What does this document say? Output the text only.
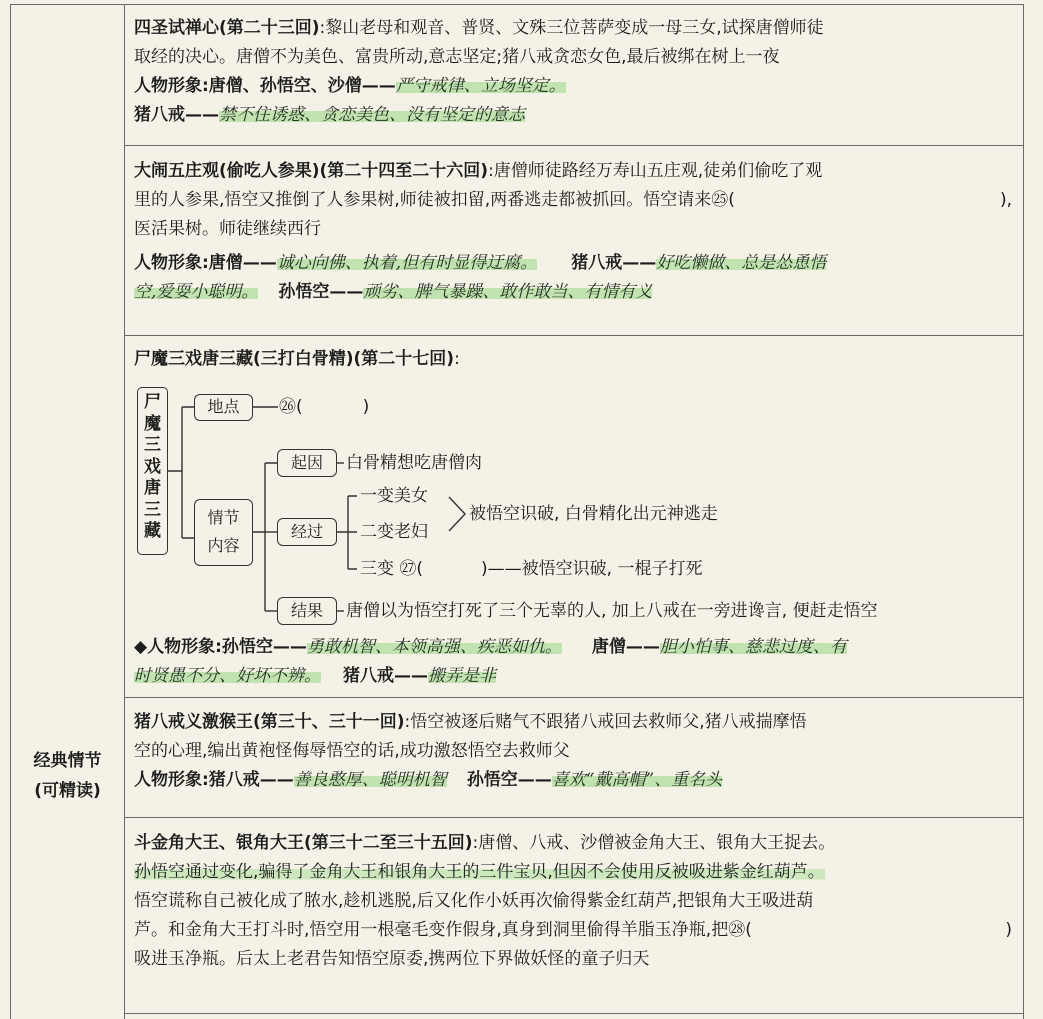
经典情节
(可精读)

四圣试禅心(第二十三回):黎山老母和观音、普贤、文殊三位菩萨变成一母三女,试探唐僧师徒

取经的决心。唐僧不为美色、富贵所动,意志坚定;猪八戒贪恋女色,最后被绑在树上一夜

人物形象:唐僧、孙悟空、沙僧——严守戒律、立场坚定。

猪八戒——禁不住诱惑、贪恋美色、没有坚定的意志

大闹五庄观(偷吃人参果)(第二十四至二十六回):唐僧师徒路经万寿山五庄观,徒弟们偷吃了观

里的人参果,悟空又推倒了人参果树,师徒被扣留,两番逃走都被抓回。悟空请来㉕(	),

医活果树。师徒继续西行

人物形象:唐僧——诚心向佛、执着,但有时显得迂腐。 猪八戒——好吃懒做、总是怂恿悟

空,爱耍小聪明。 孙悟空——顽劣、脾气暴躁、敢作敢当、有情有义

尸魔三戏唐三藏(三打白骨精)(第二十七回):

尸魔三戏唐三藏
地点	㉖(	)
情节
内容
起因	白骨精想吃唐僧肉
经过
一变美女
二变老妇
被悟空识破, 白骨精化出元神逃走
三变 ㉗(	)——被悟空识破, 一棍子打死
结果	唐僧以为悟空打死了三个无辜的人, 加上八戒在一旁进谗言, 便赶走悟空

◆人物形象:孙悟空——勇敢机智、本领高强、疾恶如仇。 唐僧——胆小怕事、慈悲过度、有

时贤愚不分、好坏不辨。 猪八戒——搬弄是非

猪八戒义激猴王(第三十、三十一回):悟空被逐后赌气不跟猪八戒回去救师父,猪八戒揣摩悟

空的心理,编出黄袍怪侮辱悟空的话,成功激怒悟空去救师父

人物形象:猪八戒——善良憨厚、聪明机智 孙悟空——喜欢“戴高帽”、重名头

斗金角大王、银角大王(第三十二至三十五回):唐僧、八戒、沙僧被金角大王、银角大王捉去。

孙悟空通过变化,骗得了金角大王和银角大王的三件宝贝,但因不会使用反被吸进紫金红葫芦。

悟空谎称自己被化成了脓水,趁机逃脱,后又化作小妖再次偷得紫金红葫芦,把银角大王吸进葫

芦。和金角大王打斗时,悟空用一根毫毛变作假身,真身到洞里偷得羊脂玉净瓶,把㉘(	)

吸进玉净瓶。后太上老君告知悟空原委,携两位下界做妖怪的童子归天
